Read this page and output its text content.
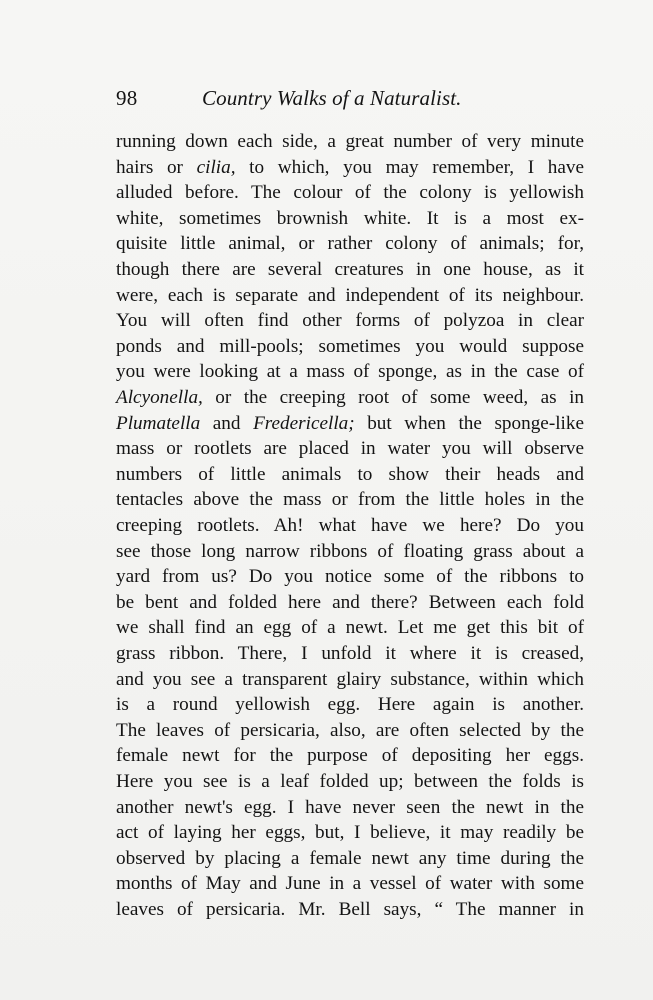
98	Country Walks of a Naturalist.
running down each side, a great number of very minute
hairs or cilia, to which, you may remember, I have
alluded before. The colour of the colony is yellowish
white, sometimes brownish white. It is a most ex-
quisite little animal, or rather colony of animals; for,
though there are several creatures in one house, as it
were, each is separate and independent of its neighbour.
You will often find other forms of polyzoa in clear
ponds and mill-pools; sometimes you would suppose
you were looking at a mass of sponge, as in the case of
Alcyonella, or the creeping root of some weed, as in
Plumatella and Fredericella; but when the sponge-like
mass or rootlets are placed in water you will observe
numbers of little animals to show their heads and
tentacles above the mass or from the little holes in the
creeping rootlets. Ah! what have we here? Do you
see those long narrow ribbons of floating grass about a
yard from us? Do you notice some of the ribbons to
be bent and folded here and there? Between each fold
we shall find an egg of a newt. Let me get this bit of
grass ribbon. There, I unfold it where it is creased,
and you see a transparent glairy substance, within which
is a round yellowish egg. Here again is another.
The leaves of persicaria, also, are often selected by the
female newt for the purpose of depositing her eggs.
Here you see is a leaf folded up; between the folds is
another newt's egg. I have never seen the newt in the
act of laying her eggs, but, I believe, it may readily be
observed by placing a female newt any time during the
months of May and June in a vessel of water with some
leaves of persicaria. Mr. Bell says, “ The manner in
